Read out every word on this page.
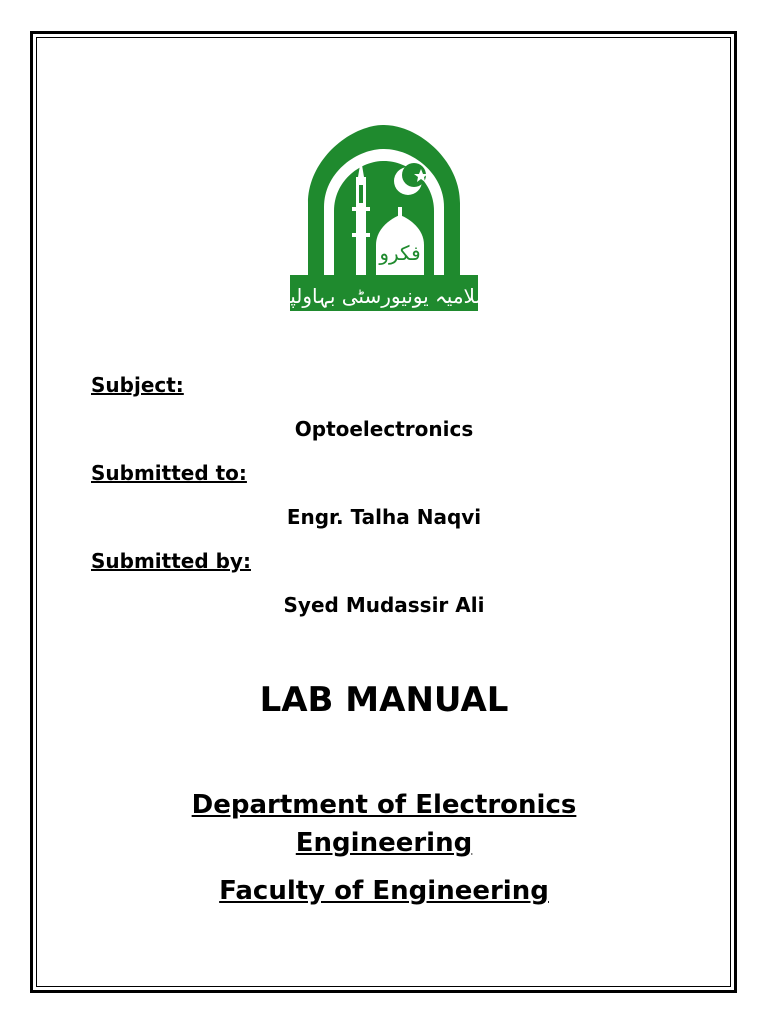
فکرو
اسلامیہ یونیورسٹی بہاولپور
Subject:
Optoelectronics
Submitted to:
Engr. Talha Naqvi
Submitted by:
Syed Mudassir Ali
LAB MANUAL
Department of Electronics
Engineering
Faculty of Engineering
